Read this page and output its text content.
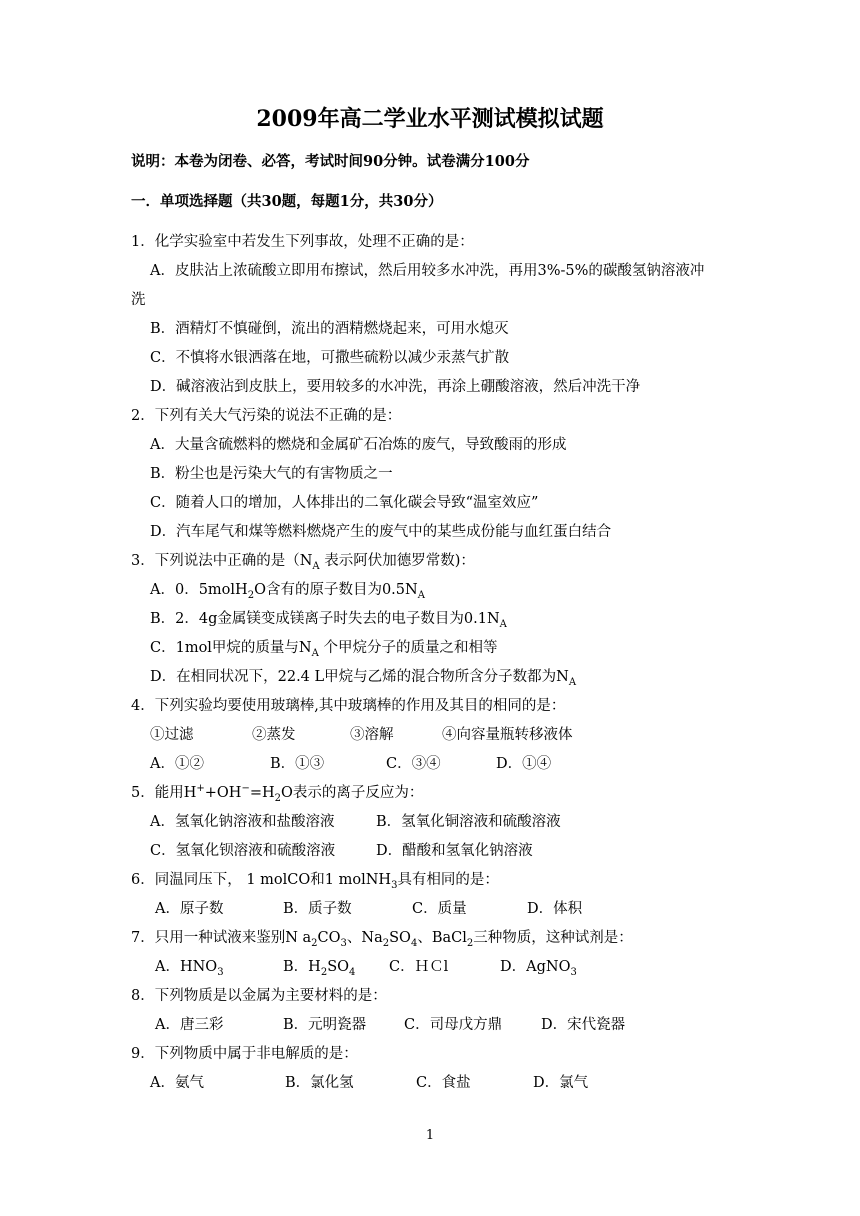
2009年高二学业水平测试模拟试题
说明：本卷为闭卷、必答，考试时间90分钟。试卷满分100分
一．单项选择题（共30题，每题1分，共30分）
1．化学实验室中若发生下列事故，处理不正确的是：
A．皮肤沾上浓硫酸立即用布擦试，然后用较多水冲洗，再用3%-5%的碳酸氢钠溶液冲
洗
B．酒精灯不慎碰倒，流出的酒精燃烧起来，可用水熄灭
C．不慎将水银洒落在地，可撒些硫粉以减少汞蒸气扩散
D．碱溶液沾到皮肤上，要用较多的水冲洗，再涂上硼酸溶液，然后冲洗干净
2．下列有关大气污染的说法不正确的是：
A．大量含硫燃料的燃烧和金属矿石冶炼的废气，导致酸雨的形成
B．粉尘也是污染大气的有害物质之一
C．随着人口的增加，人体排出的二氧化碳会导致“温室效应”
D．汽车尾气和煤等燃料燃烧产生的废气中的某些成份能与血红蛋白结合
3．下列说法中正确的是（$N_A$ 表示阿伏加德罗常数)：
A．0．5molH$_2$O含有的原子数目为$0.5N_A$
B．2．4g金属镁变成镁离子时失去的电子数目为$0.1N_A$
C．1mol甲烷的质量与$N_A$ 个甲烷分子的质量之和相等
D．在相同状况下，22.4 L甲烷与乙烯的混合物所含分子数都为$N_A$
4．下列实验均要使用玻璃棒,其中玻璃棒的作用及其目的相同的是：
①过滤	②蒸发	③溶解	④向容量瓶转移液体
A．①②	B．①③	C．③④	D．①④
5．能用$H^++OH^-=H_2O$表示的离子反应为：
A．氢氧化钠溶液和盐酸溶液	B．氢氧化铜溶液和硫酸溶液
C．氢氧化钡溶液和硫酸溶液	D．醋酸和氢氧化钠溶液
6．同温同压下， 1 molCO和1 molNH$_3$具有相同的是：
A．原子数	B．质子数	C．质量	D．体积
7．只用一种试液来鉴别N $a_2CO_3$、$Na_2SO_4$、BaCl$_2$三种物质，这种试剂是：
A．$HNO_3$	B．$H_2SO_4$ C．ＨＣl	D．AgNO$_3$
8．下列物质是以金属为主要材料的是：
A．唐三彩	B．元明瓷器	C．司母戊方鼎	D．宋代瓷器
9．下列物质中属于非电解质的是：
A．氨气	B．氯化氢	C．食盐	D．氯气
1
